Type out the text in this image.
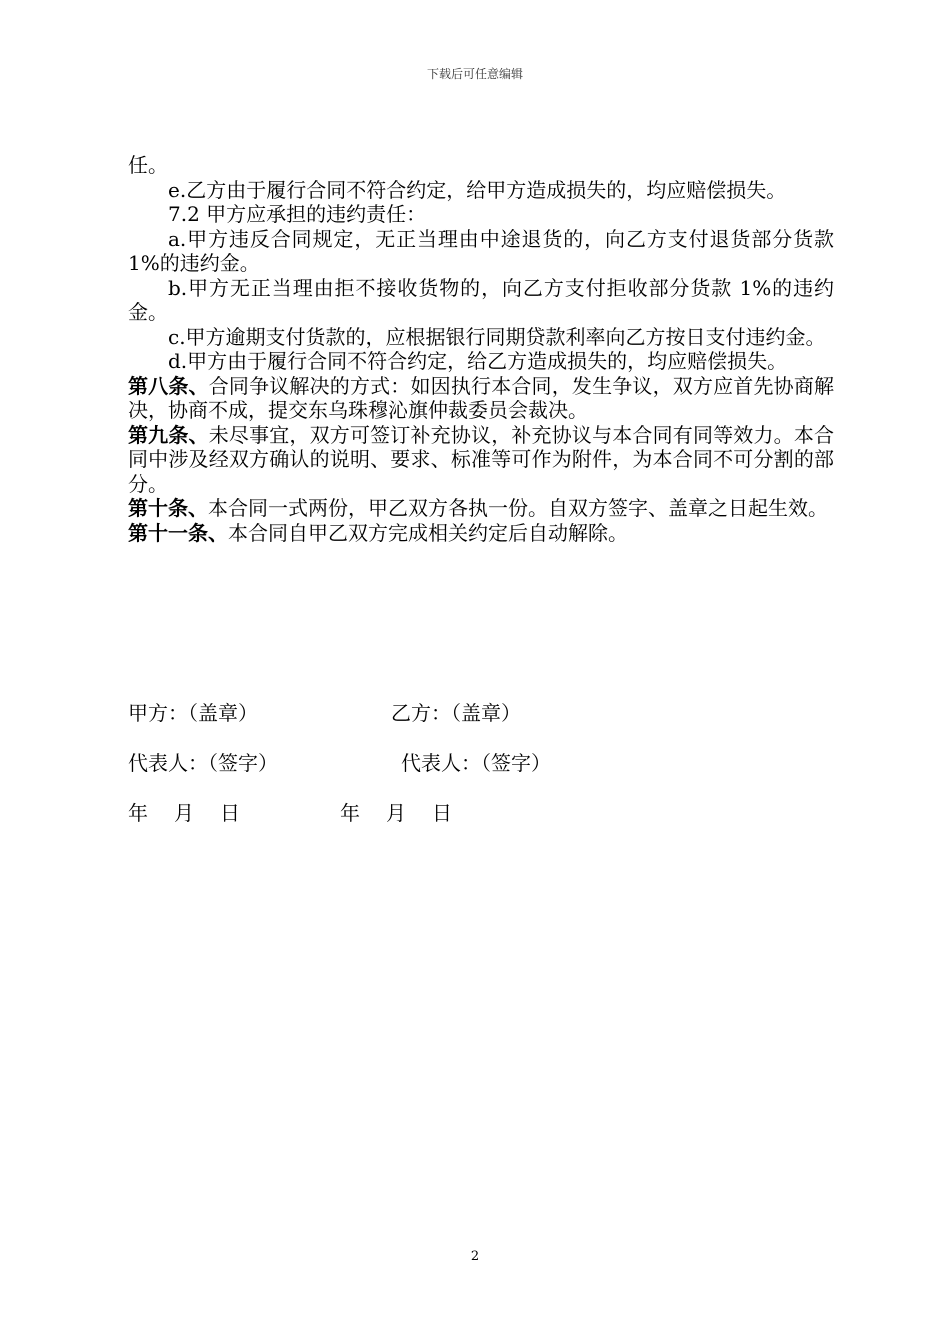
下载后可任意编辑

任。

e.乙方由于履行合同不符合约定，给甲方造成损失的，均应赔偿损失。

7.2 甲方应承担的违约责任：

a.甲方违反合同规定，无正当理由中途退货的，向乙方支付退货部分货款 1%的违约金。

b.甲方无正当理由拒不接收货物的，向乙方支付拒收部分货款 1%的违约金。

c.甲方逾期支付货款的，应根据银行同期贷款利率向乙方按日支付违约金。

d.甲方由于履行合同不符合约定，给乙方造成损失的，均应赔偿损失。

第八条、合同争议解决的方式：如因执行本合同，发生争议，双方应首先协商解决，协商不成，提交东乌珠穆沁旗仲裁委员会裁决。

第九条、未尽事宜，双方可签订补充协议，补充协议与本合同有同等效力。本合同中涉及经双方确认的说明、要求、标准等可作为附件，为本合同不可分割的部分。

第十条、本合同一式两份，甲乙双方各执一份。自双方签字、盖章之日起生效。

第十一条、本合同自甲乙双方完成相关约定后自动解除。

甲方：（盖章）	乙方：（盖章）
代表人：（签字）	代表人：（签字）
年 月 日	年 月 日
2
